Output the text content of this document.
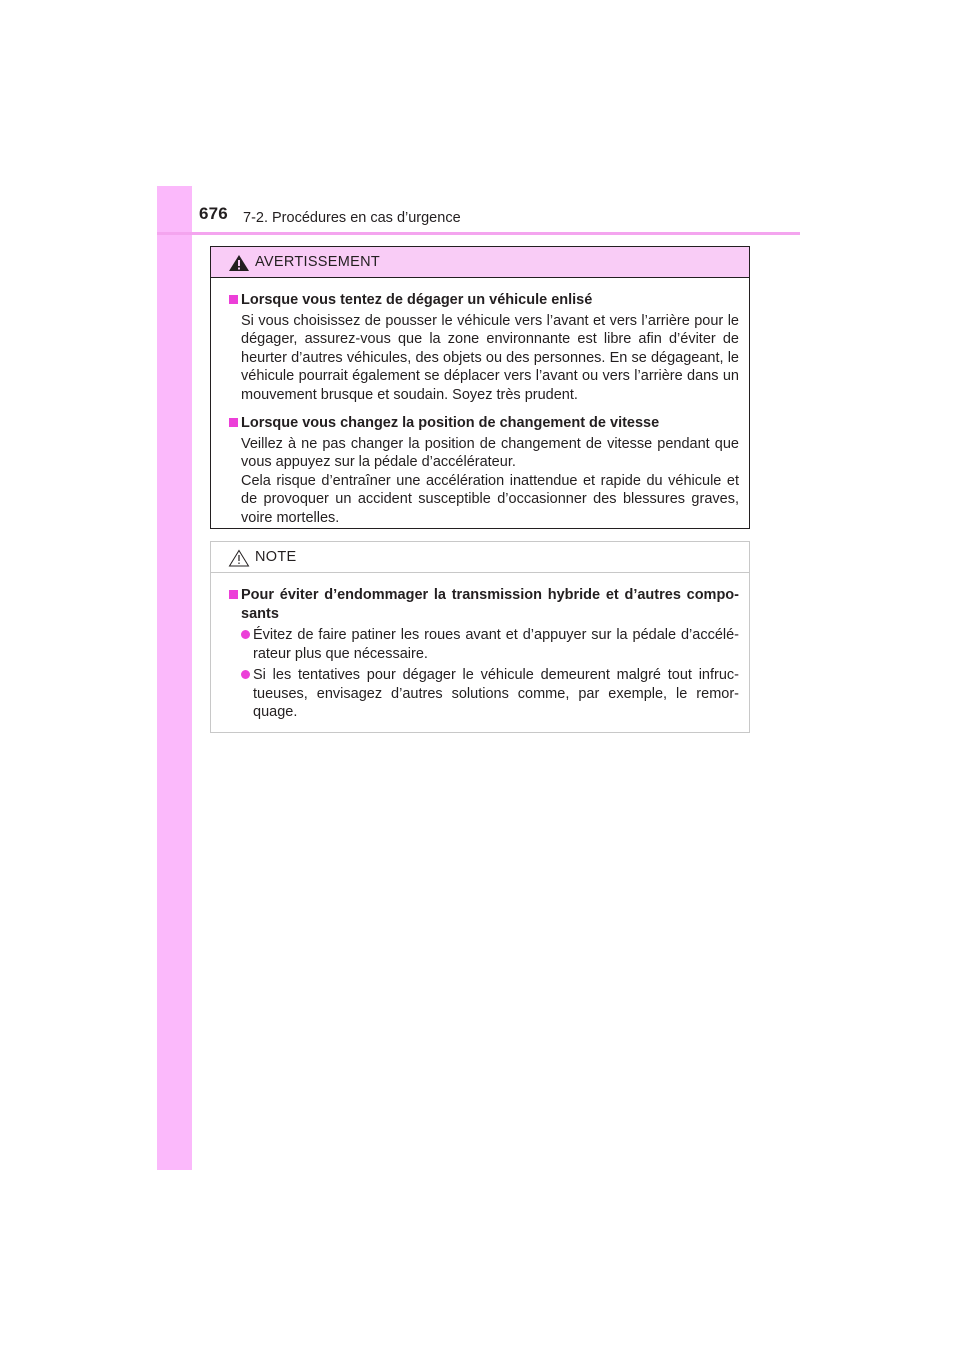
676 7-2. Procédures en cas d’urgence
AVERTISSEMENT
Lorsque vous tentez de dégager un véhicule enlisé
Si vous choisissez de pousser le véhicule vers l’avant et vers l’arrière pour le dégager, assurez-vous que la zone environnante est libre afin d’éviter de heurter d’autres véhicules, des objets ou des personnes. En se dégageant, le véhicule pourrait également se déplacer vers l’avant ou vers l’arrière dans un mouvement brusque et soudain. Soyez très prudent.
Lorsque vous changez la position de changement de vitesse
Veillez à ne pas changer la position de changement de vitesse pendant que vous appuyez sur la pédale d’accélérateur.
Cela risque d’entraîner une accélération inattendue et rapide du véhicule et de provoquer un accident susceptible d’occasionner des blessures graves, voire mortelles.
NOTE
Pour éviter d’endommager la transmission hybride et d’autres compo-sants
Évitez de faire patiner les roues avant et d’appuyer sur la pédale d’accélé-rateur plus que nécessaire.
Si les tentatives pour dégager le véhicule demeurent malgré tout infruc-tueuses, envisagez d’autres solutions comme, par exemple, le remor-quage.
